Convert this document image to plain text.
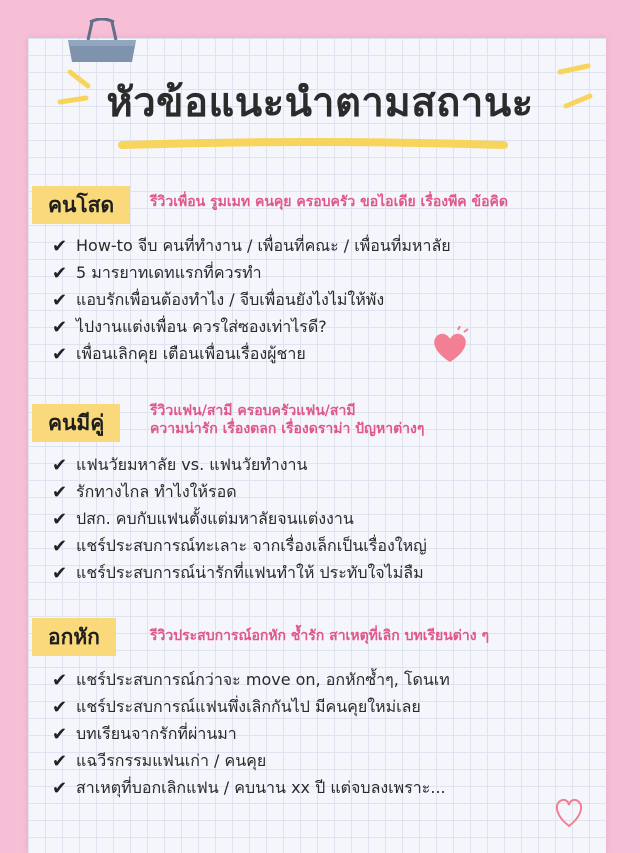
หัวข้อแนะนำตามสถานะ
คนโสด	รีวิวเพื่อน รูมเมท คนคุย ครอบครัว ขอไอเดีย เรื่องพีค ข้อคิด
✔ How-to จีบ คนที่ทำงาน / เพื่อนที่คณะ / เพื่อนที่มหาลัย
✔ 5 มารยาทเดทแรกที่ควรทำ
✔ แอบรักเพื่อนต้องทำไง / จีบเพื่อนยังไงไม่ให้พัง
✔ ไปงานแต่งเพื่อน ควรใส่ซองเท่าไรดี?
✔ เพื่อนเลิกคุย เตือนเพื่อนเรื่องผู้ชาย
คนมีคู่	รีวิวแฟน/สามี ครอบครัวแฟน/สามี
ความน่ารัก เรื่องตลก เรื่องดราม่า ปัญหาต่างๆ
✔ แฟนวัยมหาลัย vs. แฟนวัยทำงาน
✔ รักทางไกล ทำไงให้รอด
✔ ปสก. คบกับแฟนตั้งแต่มหาลัยจนแต่งงาน
✔ แชร์ประสบการณ์ทะเลาะ จากเรื่องเล็กเป็นเรื่องใหญ่
✔ แชร์ประสบการณ์น่ารักที่แฟนทำให้ ประทับใจไม่ลืม
อกหัก	รีวิวประสบการณ์อกหัก ช้ำรัก สาเหตุที่เลิก บทเรียนต่าง ๆ
✔ แชร์ประสบการณ์กว่าจะ move on, อกหักซ้ำๆ, โดนเท
✔ แชร์ประสบการณ์แฟนพึ่งเลิกกันไป มีคนคุยใหม่เลย
✔ บทเรียนจากรักที่ผ่านมา
✔ แฉวีรกรรมแฟนเก่า / คนคุย
✔ สาเหตุที่บอกเลิกแฟน / คบนาน xx ปี แต่จบลงเพราะ...
